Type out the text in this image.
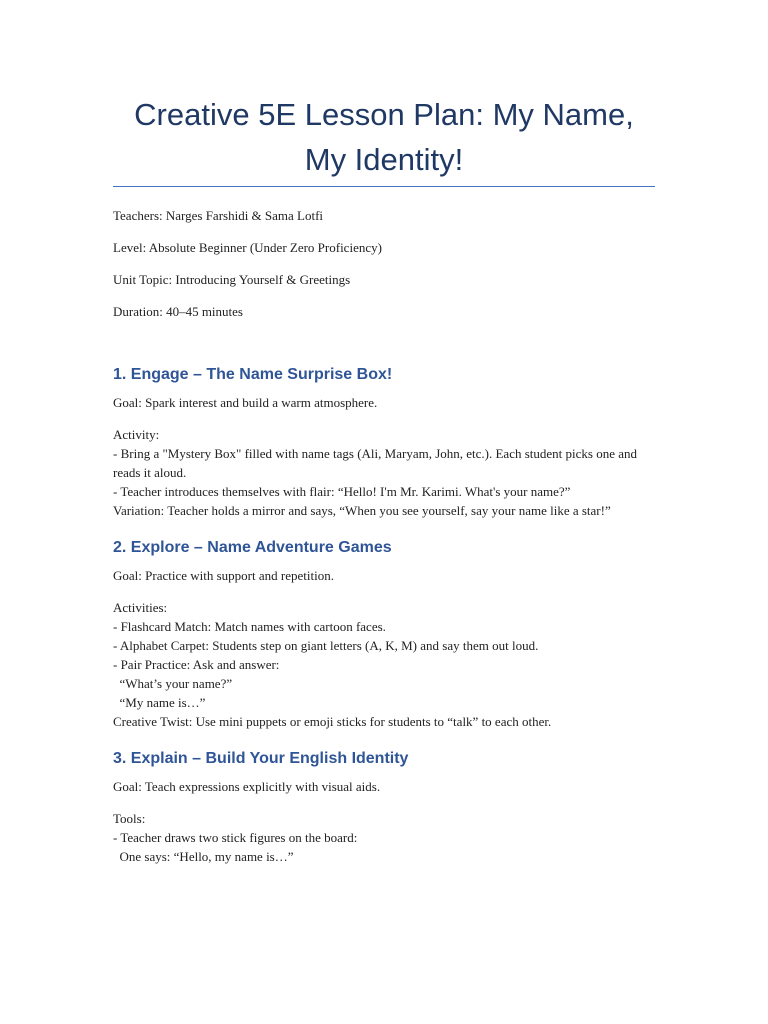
Creative 5E Lesson Plan: My Name, My Identity!

Teachers: Narges Farshidi & Sama Lotfi

Level: Absolute Beginner (Under Zero Proficiency)

Unit Topic: Introducing Yourself & Greetings

Duration: 40–45 minutes

1. Engage – The Name Surprise Box!

Goal: Spark interest and build a warm atmosphere.

Activity:

- Bring a "Mystery Box" filled with name tags (Ali, Maryam, John, etc.). Each student picks one and reads it aloud.

- Teacher introduces themselves with flair: “Hello! I'm Mr. Karimi. What's your name?”

Variation: Teacher holds a mirror and says, “When you see yourself, say your name like a star!”

2. Explore – Name Adventure Games

Goal: Practice with support and repetition.

Activities:

- Flashcard Match: Match names with cartoon faces.

- Alphabet Carpet: Students step on giant letters (A, K, M) and say them out loud.

- Pair Practice: Ask and answer:

“What’s your name?”

“My name is…”

Creative Twist: Use mini puppets or emoji sticks for students to “talk” to each other.

3. Explain – Build Your English Identity

Goal: Teach expressions explicitly with visual aids.

Tools:

- Teacher draws two stick figures on the board:

One says: “Hello, my name is…”
